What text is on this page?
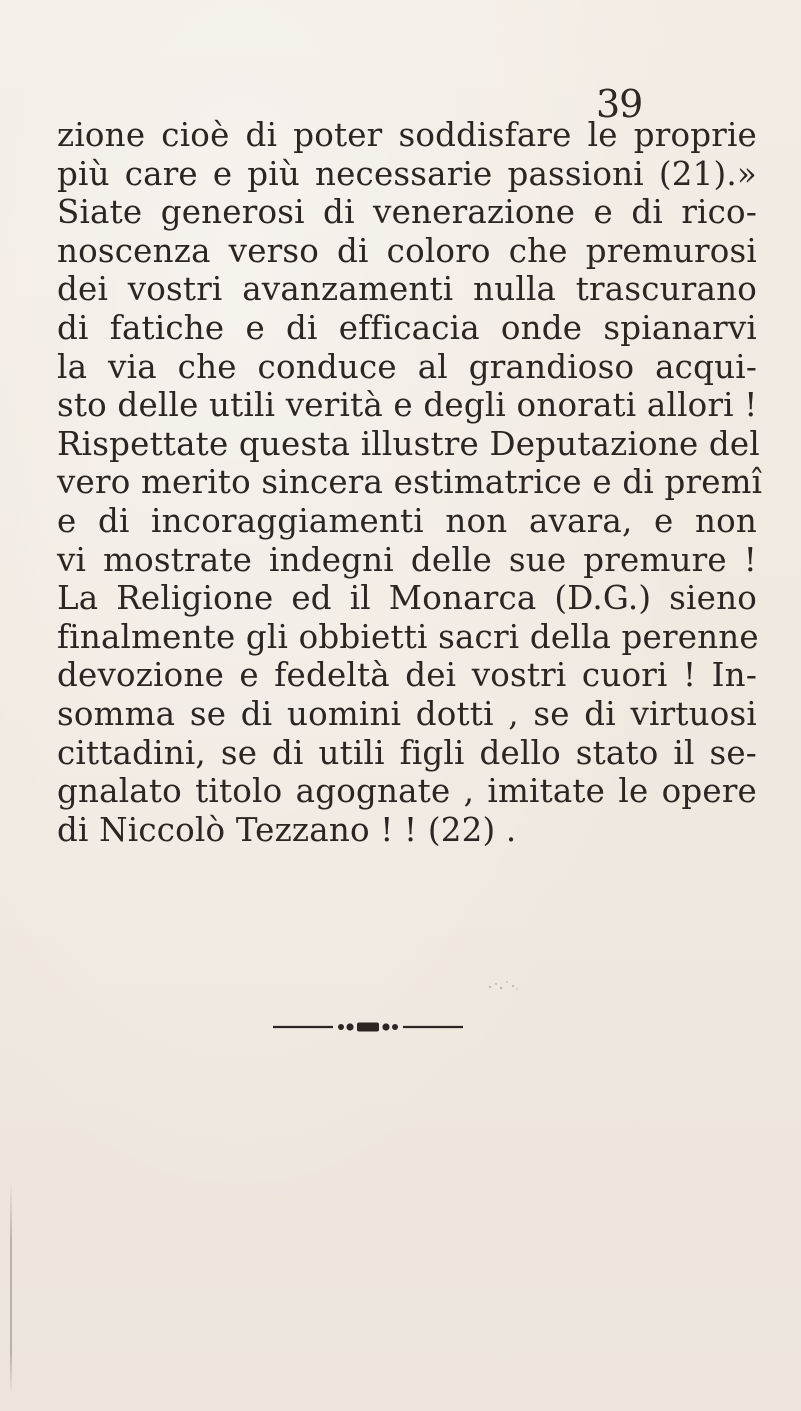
39
zione cioè di poter soddisfare le proprie
più care e più necessarie passioni (21).»
Siate generosi di venerazione e di rico-
noscenza verso di coloro che premurosi
dei vostri avanzamenti nulla trascurano
di fatiche e di efficacia onde spianarvi
la via che conduce al grandioso acqui-
sto delle utili verità e degli onorati allori !
Rispettate questa illustre Deputazione del
vero merito sincera estimatrice e di premî
e di incoraggiamenti non avara, e non
vi mostrate indegni delle sue premure !
La Religione ed il Monarca (D.G.) sieno
finalmente gli obbietti sacri della perenne
devozione e fedeltà dei vostri cuori ! In-
somma se di uomini dotti , se di virtuosi
cittadini, se di utili figli dello stato il se-
gnalato titolo agognate , imitate le opere
di Niccolò Tezzano ! ! (22) .
